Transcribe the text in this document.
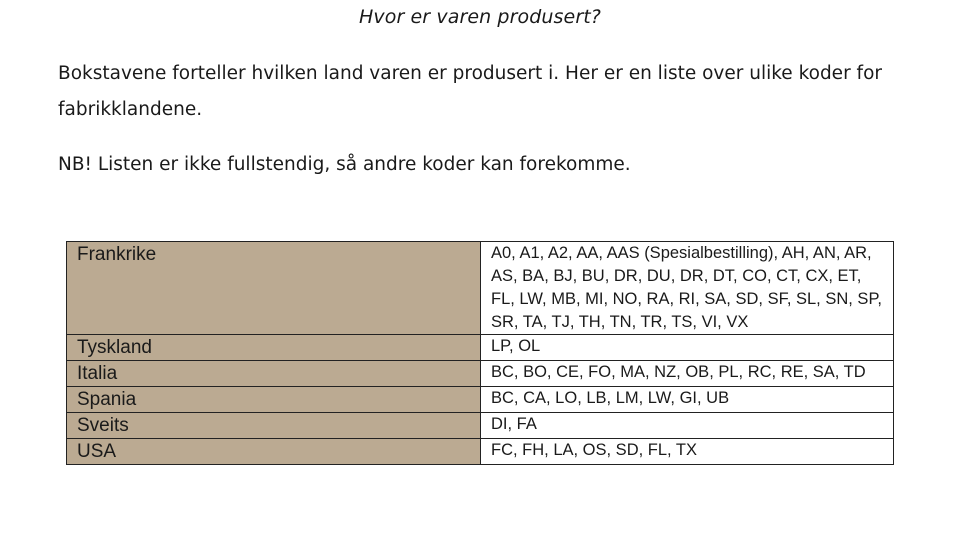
Hvor er varen produsert?
Bokstavene forteller hvilken land varen er produsert i. Her er en liste over ulike koder for fabrikklandene.
NB! Listen er ikke fullstendig, så andre koder kan forekomme.
Frankrike	A0, A1, A2, AA, AAS (Spesialbestilling), AH, AN, AR, AS, BA, BJ, BU, DR, DU, DR, DT, CO, CT, CX, ET, FL, LW, MB, MI, NO, RA, RI, SA, SD, SF, SL, SN, SP, SR, TA, TJ, TH, TN, TR, TS, VI, VX
Tyskland	LP, OL
Italia	BC, BO, CE, FO, MA, NZ, OB, PL, RC, RE, SA, TD
Spania	BC, CA, LO, LB, LM, LW, GI, UB
Sveits	DI, FA
USA	FC, FH, LA, OS, SD, FL, TX
